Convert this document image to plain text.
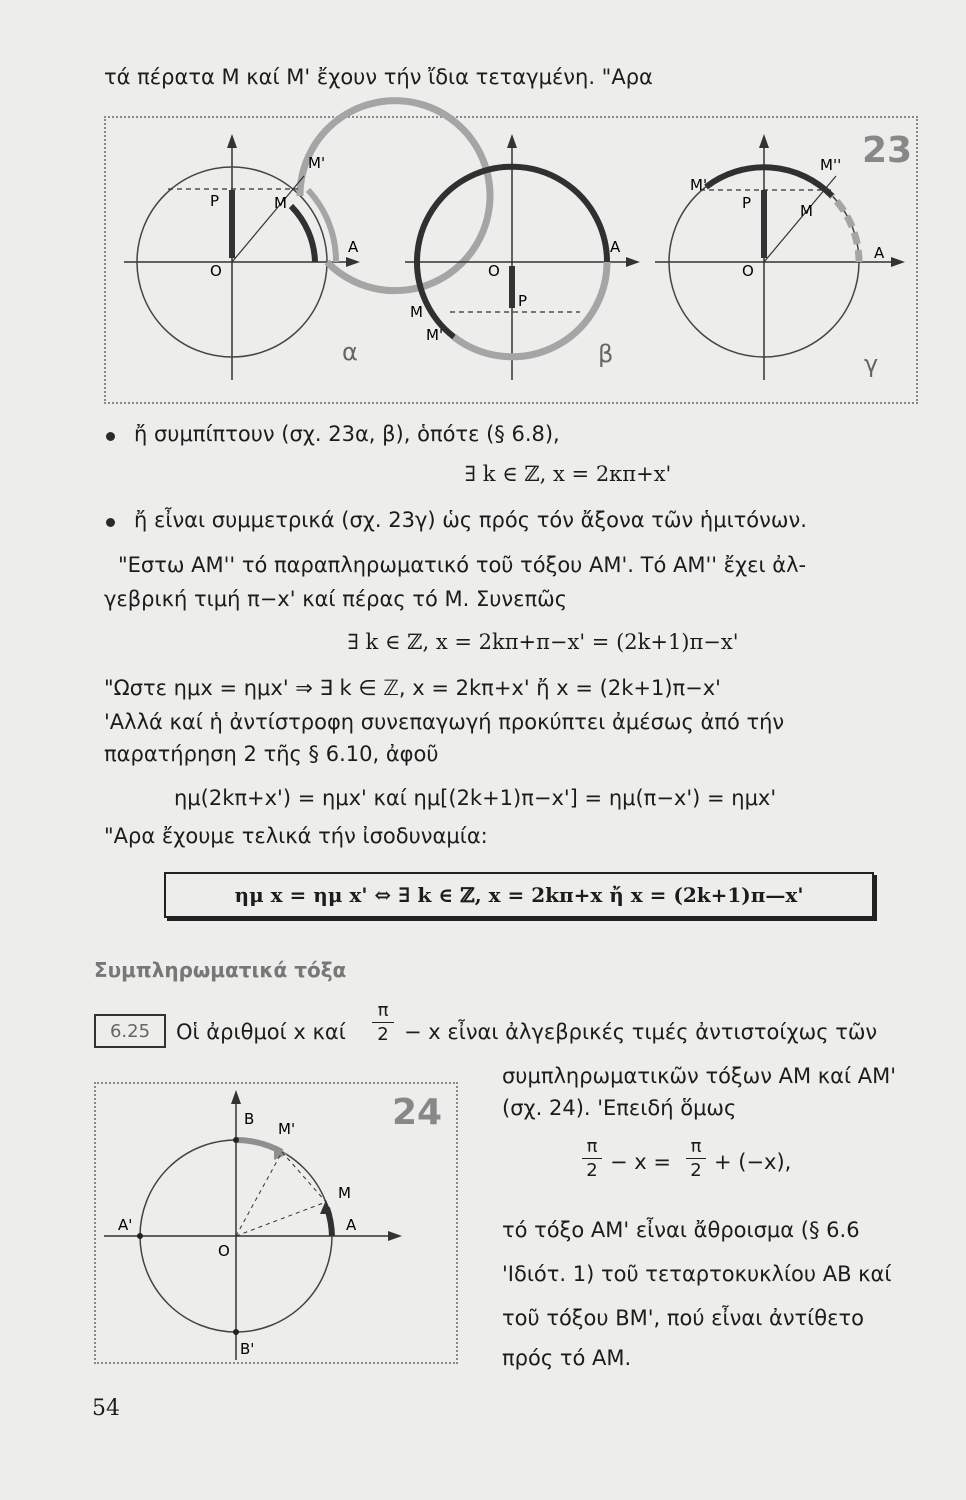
τά πέρατα Μ καί Μ' ἔχουν τήν ἴδια τεταγμένη. "Αρα
23
P	M
M'
A
O
α
M
M'
P
A
O
β
M'
M''
P	M
A
O
γ
ἤ συμπίπτουν (σχ. 23α, β), ὁπότε (§ 6.8),
∃ k ∈ ℤ, x = 2κπ+x'
ἤ εἶναι συμμετρικά (σχ. 23γ) ὡς πρός τόν ἄξονα τῶν ἡμιτόνων.
"Εστω ΑΜ'' τό παραπληρωματικό τοῦ τόξου ΑΜ'. Τό ΑΜ'' ἔχει ἀλ-
γεβρική τιμή π−x' καί πέρας τό Μ. Συνεπῶς
∃ k ∈ ℤ, x = 2kπ+π−x' = (2k+1)π−x'
"Ωστε ημx = ημx' ⇒ ∃ k ∈ ℤ, x = 2kπ+x' ἤ x = (2k+1)π−x'
'Αλλά καί ἡ ἀντίστροφη συνεπαγωγή προκύπτει ἀμέσως ἀπό τήν
παρατήρηση 2 τῆς § 6.10, ἀφοῦ
ημ(2kπ+x') = ημx' καί ημ[(2k+1)π−x'] = ημ(π−x') = ημx'
"Αρα ἔχουμε τελικά τήν ἰσοδυναμία:
ημ x = ημ x' ⇔ ∃ k ∈ ℤ, x = 2kπ+x ἤ x = (2k+1)π—x'
Συμπληρωματικά τόξα
6.25	Οἱ ἀριθμοί x καί
π
2 − x εἶναι ἀλγεβρικές τιμές ἀντιστοίχως τῶν
συμπληρωματικῶν τόξων ΑΜ καί ΑΜ'
(σχ. 24). 'Επειδή ὅμως
π
2 − x =
π
2 + (−x),
τό τόξο ΑΜ' εἶναι ἄθροισμα (§ 6.6
'Ιδιότ. 1) τοῦ τεταρτοκυκλίου ΑΒ καί
τοῦ τόξου ΒΜ', πού εἶναι ἀντίθετο
πρός τό ΑΜ.
24
B
M'
M
A
A'
O
B'
54
